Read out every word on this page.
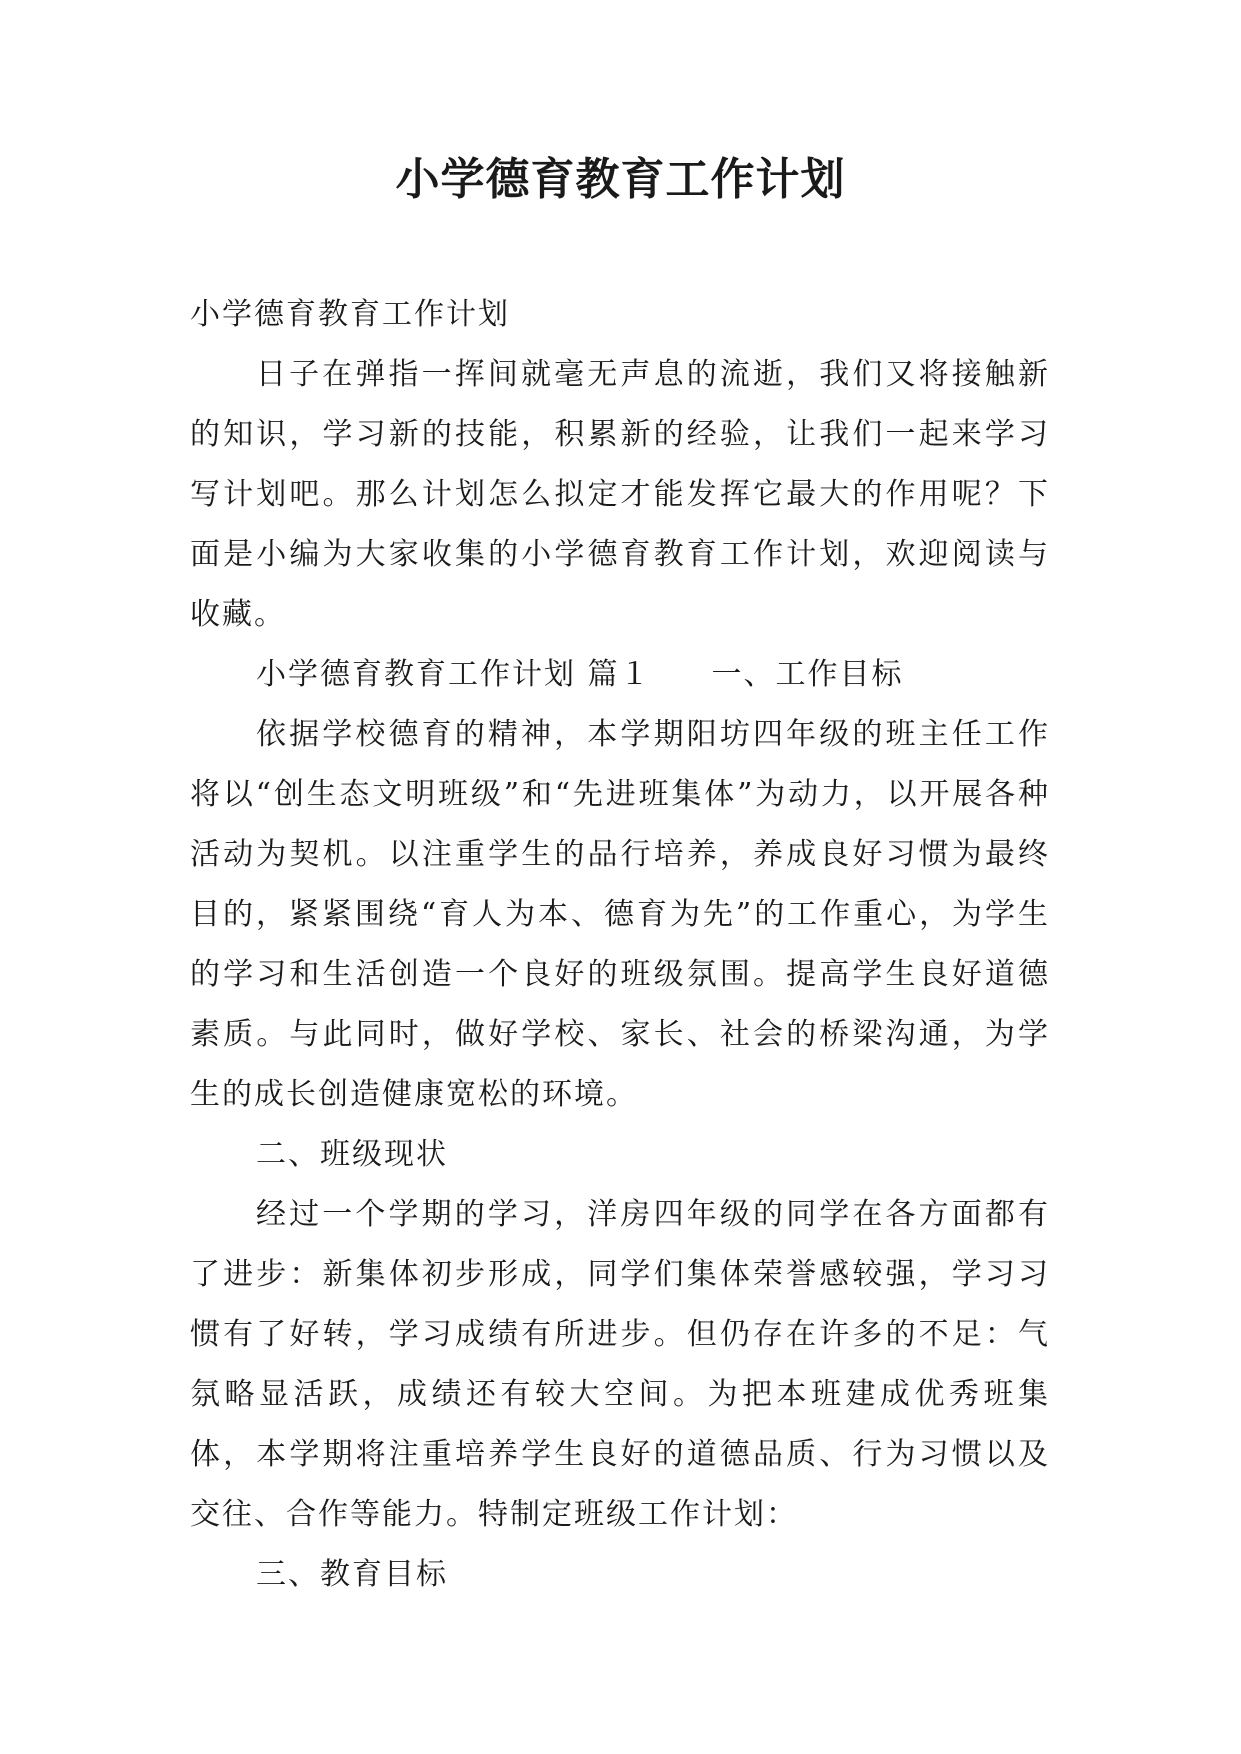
小学德育教育工作计划

小学德育教育工作计划

日子在弹指一挥间就毫无声息的流逝，我们又将接触新的知识，学习新的技能，积累新的经验，让我们一起来学习写计划吧。那么计划怎么拟定才能发挥它最大的作用呢？下面是小编为大家收集的小学德育教育工作计划，欢迎阅读与收藏。

小学德育教育工作计划 篇１ 一、工作目标

依据学校德育的精神，本学期阳坊四年级的班主任工作将以“创生态文明班级”和“先进班集体”为动力，以开展各种活动为契机。以注重学生的品行培养，养成良好习惯为最终目的，紧紧围绕“育人为本、德育为先”的工作重心，为学生的学习和生活创造一个良好的班级氛围。提高学生良好道德素质。与此同时，做好学校、家长、社会的桥梁沟通，为学生的成长创造健康宽松的环境。

二、班级现状

经过一个学期的学习，洋房四年级的同学在各方面都有了进步：新集体初步形成，同学们集体荣誉感较强，学习习惯有了好转，学习成绩有所进步。但仍存在许多的不足：气氛略显活跃，成绩还有较大空间。为把本班建成优秀班集体，本学期将注重培养学生良好的道德品质、行为习惯以及交往、合作等能力。特制定班级工作计划：

三、教育目标
